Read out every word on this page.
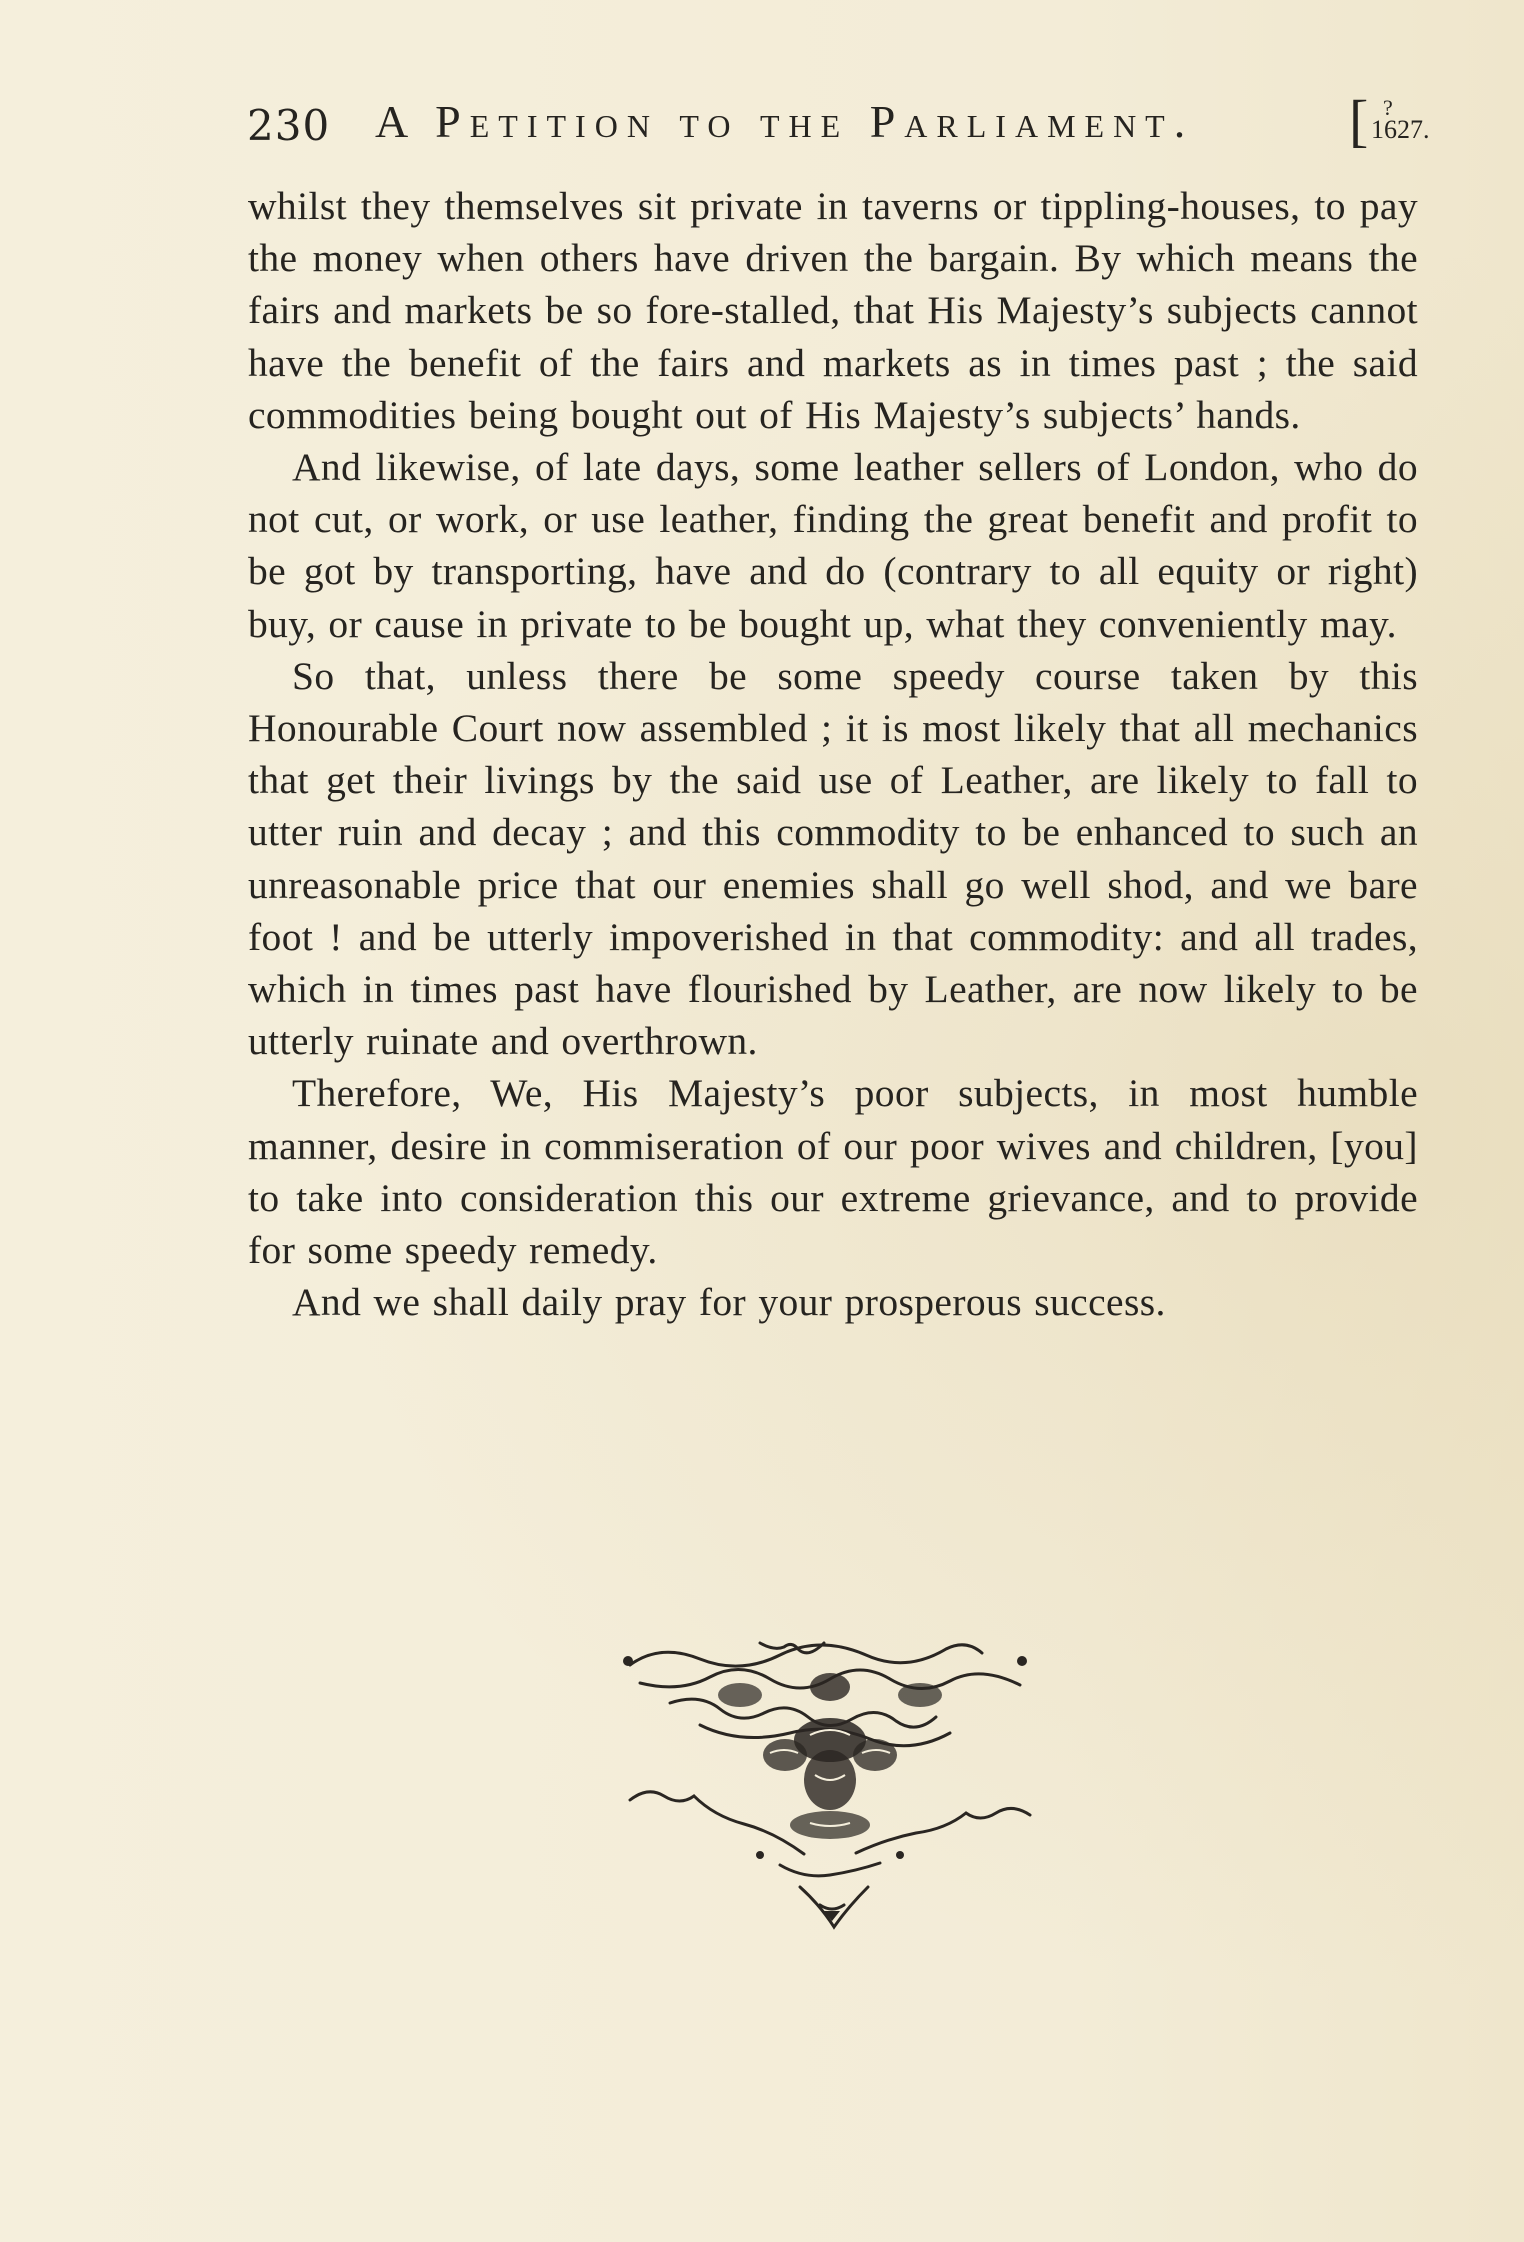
230 A Petition to the Parliament.	[ ?
1627.

whilst they themselves sit private in taverns or tippling-houses, to pay the money when others have driven the bargain. By which means the fairs and markets be so fore-stalled, that His Majesty’s subjects cannot have the benefit of the fairs and markets as in times past ; the said commodities being bought out of His Majesty’s subjects’ hands.

And likewise, of late days, some leather sellers of London, who do not cut, or work, or use leather, finding the great benefit and profit to be got by transporting, have and do (contrary to all equity or right) buy, or cause in private to be bought up, what they conveniently may.

So that, unless there be some speedy course taken by this Honourable Court now assembled ; it is most likely that all mechanics that get their livings by the said use of Leather, are likely to fall to utter ruin and decay ; and this commodity to be enhanced to such an unreasonable price that our enemies shall go well shod, and we bare foot ! and be utterly impoverished in that commodity: and all trades, which in times past have flourished by Leather, are now likely to be utterly ruinate and overthrown.

Therefore, We, His Majesty’s poor subjects, in most humble manner, desire in commiseration of our poor wives and children, [you] to take into consideration this our extreme grievance, and to provide for some speedy remedy.

And we shall daily pray for your prosperous success.
